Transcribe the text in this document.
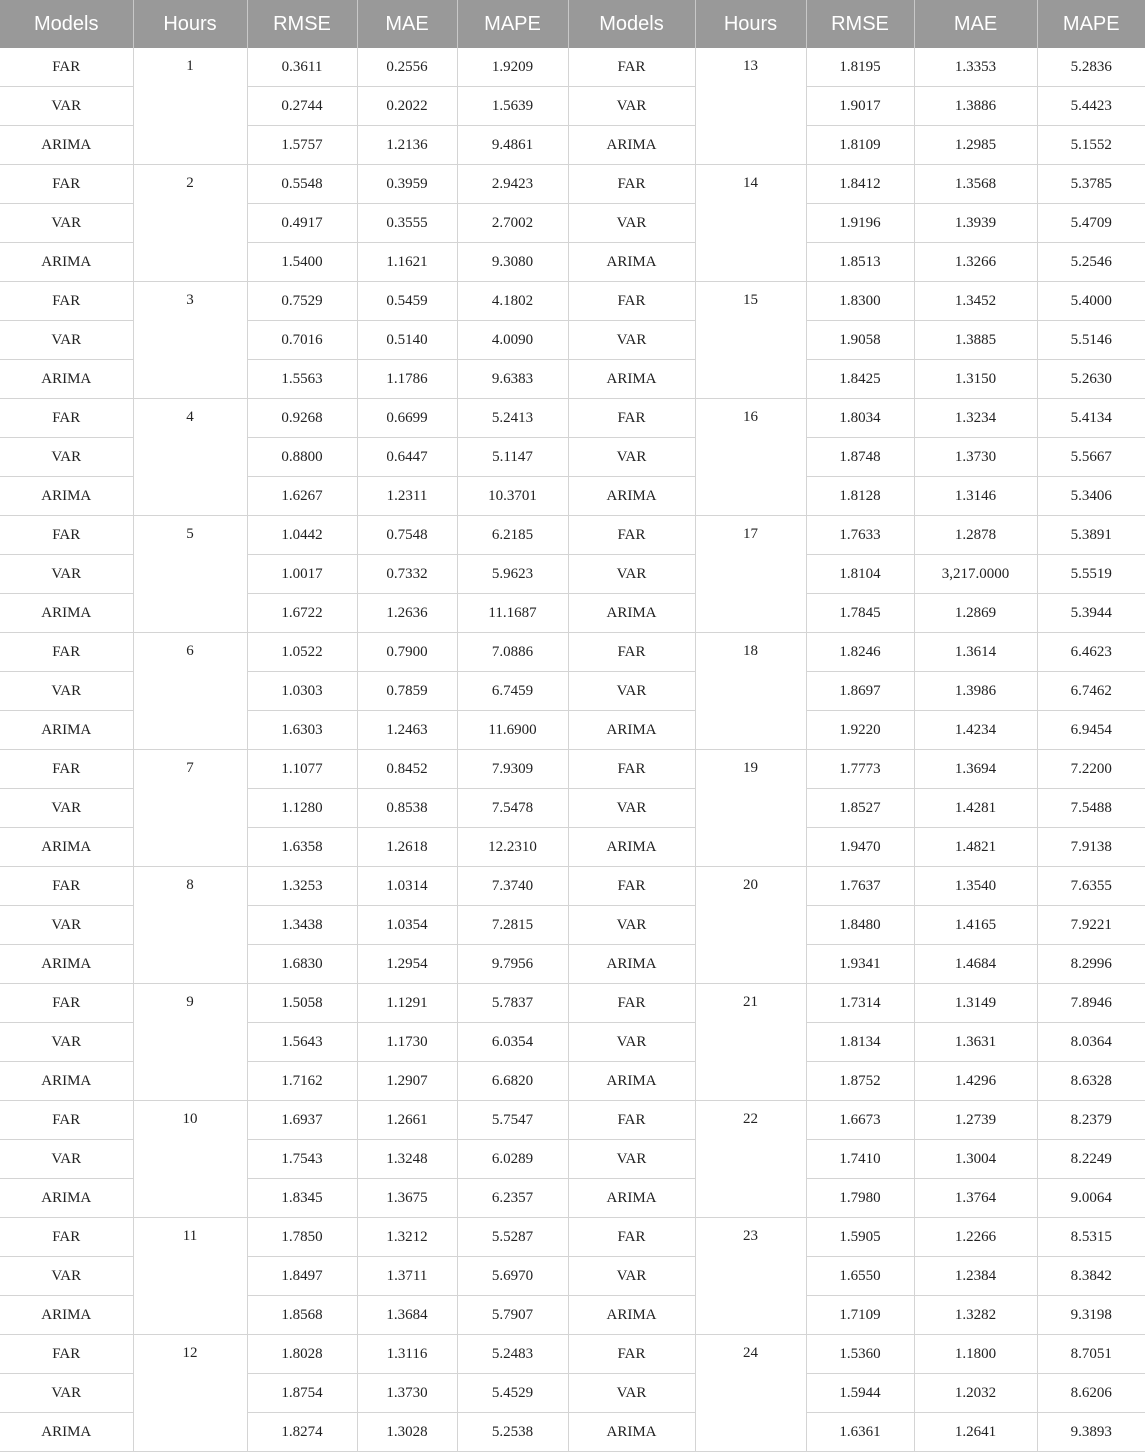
Models	Hours	RMSE	MAE	MAPE	Models	Hours	RMSE	MAE	MAPE
FAR	1	0.3611	0.2556	1.9209	FAR	13	1.8195	1.3353	5.2836
VAR		0.2744	0.2022	1.5639	VAR		1.9017	1.3886	5.4423
ARIMA		1.5757	1.2136	9.4861	ARIMA		1.8109	1.2985	5.1552
FAR	2	0.5548	0.3959	2.9423	FAR	14	1.8412	1.3568	5.3785
VAR		0.4917	0.3555	2.7002	VAR		1.9196	1.3939	5.4709
ARIMA		1.5400	1.1621	9.3080	ARIMA		1.8513	1.3266	5.2546
FAR	3	0.7529	0.5459	4.1802	FAR	15	1.8300	1.3452	5.4000
VAR		0.7016	0.5140	4.0090	VAR		1.9058	1.3885	5.5146
ARIMA		1.5563	1.1786	9.6383	ARIMA		1.8425	1.3150	5.2630
FAR	4	0.9268	0.6699	5.2413	FAR	16	1.8034	1.3234	5.4134
VAR		0.8800	0.6447	5.1147	VAR		1.8748	1.3730	5.5667
ARIMA		1.6267	1.2311	10.3701	ARIMA		1.8128	1.3146	5.3406
FAR	5	1.0442	0.7548	6.2185	FAR	17	1.7633	1.2878	5.3891
VAR		1.0017	0.7332	5.9623	VAR		1.8104	3,217.0000	5.5519
ARIMA		1.6722	1.2636	11.1687	ARIMA		1.7845	1.2869	5.3944
FAR	6	1.0522	0.7900	7.0886	FAR	18	1.8246	1.3614	6.4623
VAR		1.0303	0.7859	6.7459	VAR		1.8697	1.3986	6.7462
ARIMA		1.6303	1.2463	11.6900	ARIMA		1.9220	1.4234	6.9454
FAR	7	1.1077	0.8452	7.9309	FAR	19	1.7773	1.3694	7.2200
VAR		1.1280	0.8538	7.5478	VAR		1.8527	1.4281	7.5488
ARIMA		1.6358	1.2618	12.2310	ARIMA		1.9470	1.4821	7.9138
FAR	8	1.3253	1.0314	7.3740	FAR	20	1.7637	1.3540	7.6355
VAR		1.3438	1.0354	7.2815	VAR		1.8480	1.4165	7.9221
ARIMA		1.6830	1.2954	9.7956	ARIMA		1.9341	1.4684	8.2996
FAR	9	1.5058	1.1291	5.7837	FAR	21	1.7314	1.3149	7.8946
VAR		1.5643	1.1730	6.0354	VAR		1.8134	1.3631	8.0364
ARIMA		1.7162	1.2907	6.6820	ARIMA		1.8752	1.4296	8.6328
FAR	10	1.6937	1.2661	5.7547	FAR	22	1.6673	1.2739	8.2379
VAR		1.7543	1.3248	6.0289	VAR		1.7410	1.3004	8.2249
ARIMA		1.8345	1.3675	6.2357	ARIMA		1.7980	1.3764	9.0064
FAR	11	1.7850	1.3212	5.5287	FAR	23	1.5905	1.2266	8.5315
VAR		1.8497	1.3711	5.6970	VAR		1.6550	1.2384	8.3842
ARIMA		1.8568	1.3684	5.7907	ARIMA		1.7109	1.3282	9.3198
FAR	12	1.8028	1.3116	5.2483	FAR	24	1.5360	1.1800	8.7051
VAR		1.8754	1.3730	5.4529	VAR		1.5944	1.2032	8.6206
ARIMA		1.8274	1.3028	5.2538	ARIMA		1.6361	1.2641	9.3893
